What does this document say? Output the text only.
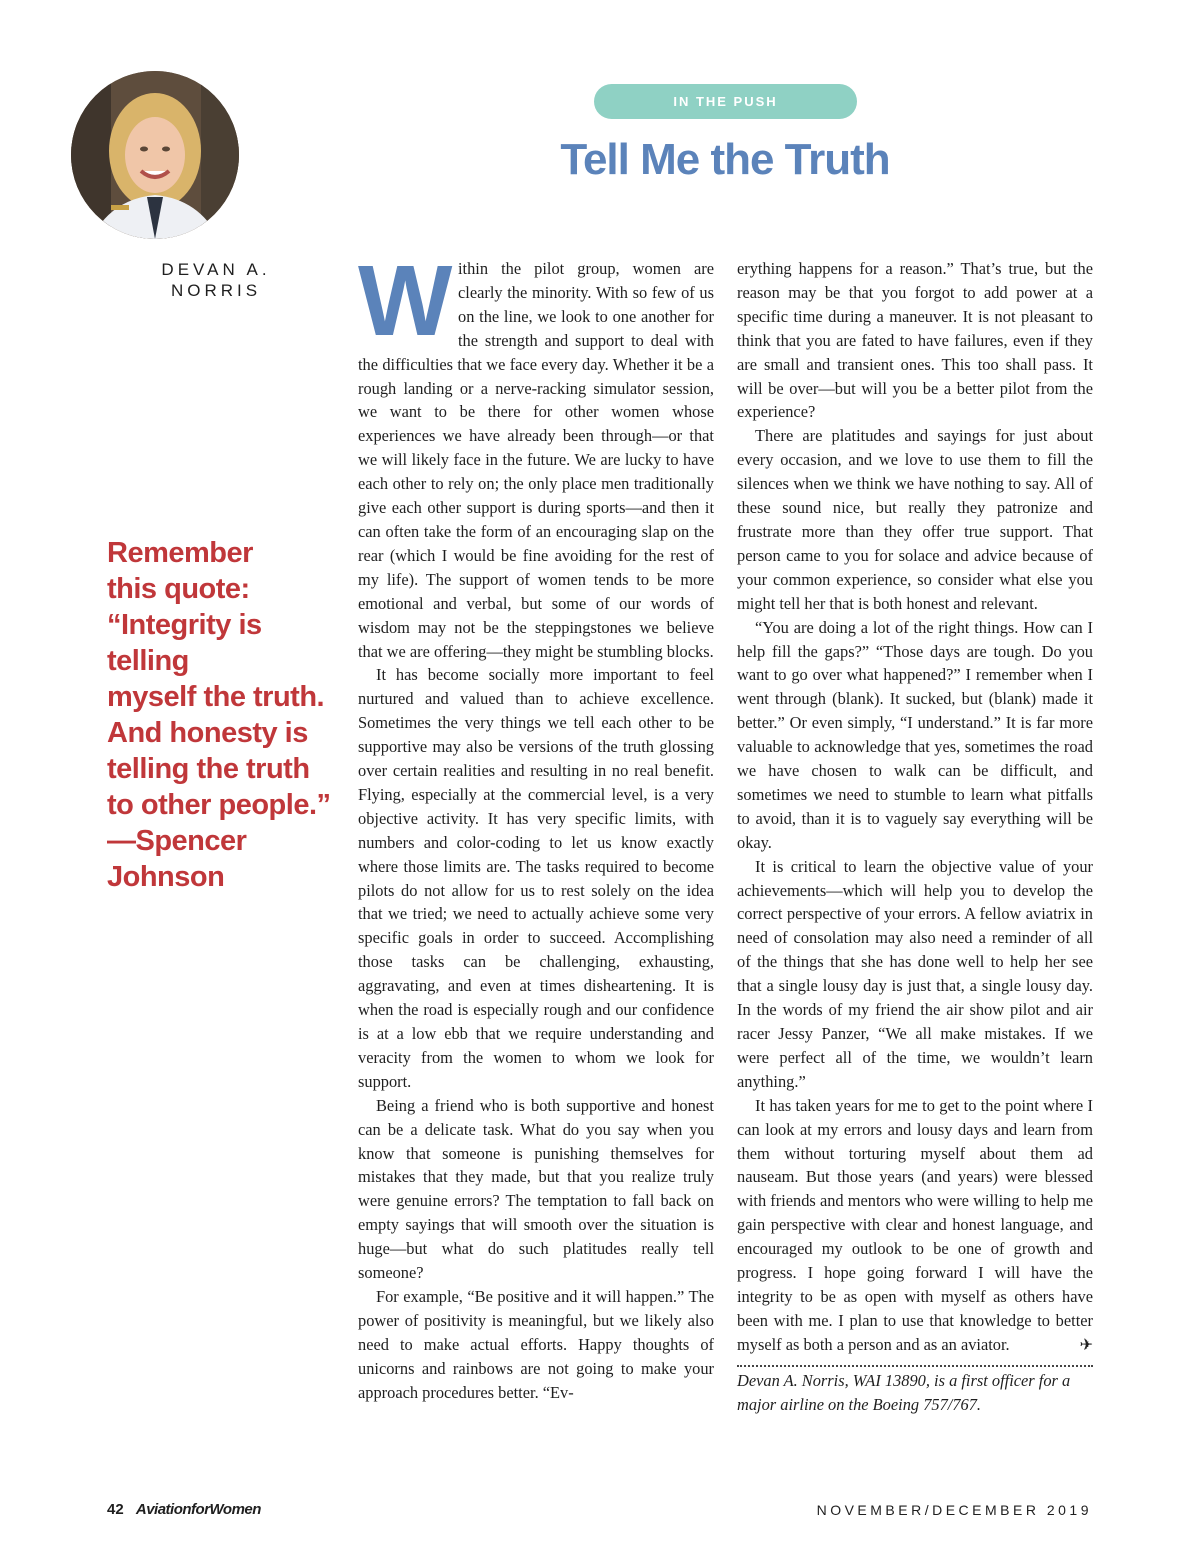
DEVAN A.
NORRIS
IN THE PUSH
Tell Me the Truth

Remember

this quote:

“Integrity is telling

myself the truth.

And honesty is

telling the truth

to other people.”

—Spencer Johnson

Within the pilot group, women are clearly the minority. With so few of us on the line, we look to one another for the strength and support to deal with the difficulties that we face every day. Whether it be a rough landing or a nerve-racking simulator session, we want to be there for other women whose experiences we have already been through—or that we will likely face in the future. We are lucky to have each other to rely on; the only place men traditionally give each other support is during sports—and then it can often take the form of an encouraging slap on the rear (which I would be fine avoiding for the rest of my life). The support of women tends to be more emotional and verbal, but some of our words of wisdom may not be the steppingstones we believe that we are offering—they might be stumbling blocks.

It has become socially more important to feel nurtured and valued than to achieve excellence. Sometimes the very things we tell each other to be supportive may also be versions of the truth glossing over certain realities and resulting in no real benefit. Flying, especially at the commercial level, is a very objective activity. It has very specific limits, with numbers and color-coding to let us know exactly where those limits are. The tasks required to become pilots do not allow for us to rest solely on the idea that we tried; we need to actually achieve some very specific goals in order to succeed. Accomplishing those tasks can be challenging, exhausting, aggravating, and even at times disheartening. It is when the road is especially rough and our confidence is at a low ebb that we require understanding and veracity from the women to whom we look for support.

Being a friend who is both supportive and honest can be a delicate task. What do you say when you know that someone is punishing themselves for mistakes that they made, but that you realize truly were genuine errors? The temptation to fall back on empty sayings that will smooth over the situation is huge—but what do such platitudes really tell someone?

For example, “Be positive and it will happen.” The power of positivity is meaningful, but we likely also need to make actual efforts. Happy thoughts of unicorns and rainbows are not going to make your approach procedures better. “Ev-

erything happens for a reason.” That’s true, but the reason may be that you forgot to add power at a specific time during a maneuver. It is not pleasant to think that you are fated to have failures, even if they are small and transient ones. This too shall pass. It will be over—but will you be a better pilot from the experience?

There are platitudes and sayings for just about every occasion, and we love to use them to fill the silences when we think we have nothing to say. All of these sound nice, but really they patronize and frustrate more than they offer true support. That person came to you for solace and advice because of your common experience, so consider what else you might tell her that is both honest and relevant.

“You are doing a lot of the right things. How can I help fill the gaps?” “Those days are tough. Do you want to go over what happened?” I remember when I went through (blank). It sucked, but (blank) made it better.” Or even simply, “I understand.” It is far more valuable to acknowledge that yes, sometimes the road we have chosen to walk can be difficult, and sometimes we need to stumble to learn what pitfalls to avoid, than it is to vaguely say everything will be okay.

It is critical to learn the objective value of your achievements—which will help you to develop the correct perspective of your errors. A fellow aviatrix in need of consolation may also need a reminder of all of the things that she has done well to help her see that a single lousy day is just that, a single lousy day. In the words of my friend the air show pilot and air racer Jessy Panzer, “We all make mistakes. If we were perfect all of the time, we wouldn’t learn anything.”

It has taken years for me to get to the point where I can look at my errors and lousy days and learn from them without torturing myself about them ad nauseam. But those years (and years) were blessed with friends and mentors who were willing to help me gain perspective with clear and honest language, and encouraged my outlook to be one of growth and progress. I hope going forward I will have the integrity to be as open with myself as others have been with me. I plan to use that knowledge to better myself as both a person and as an aviator.	✈

Devan A. Norris, WAI 13890, is a first officer for a major airline on the Boeing 757/767.

42 AviationforWomen	NOVEMBER/DECEMBER 2019
